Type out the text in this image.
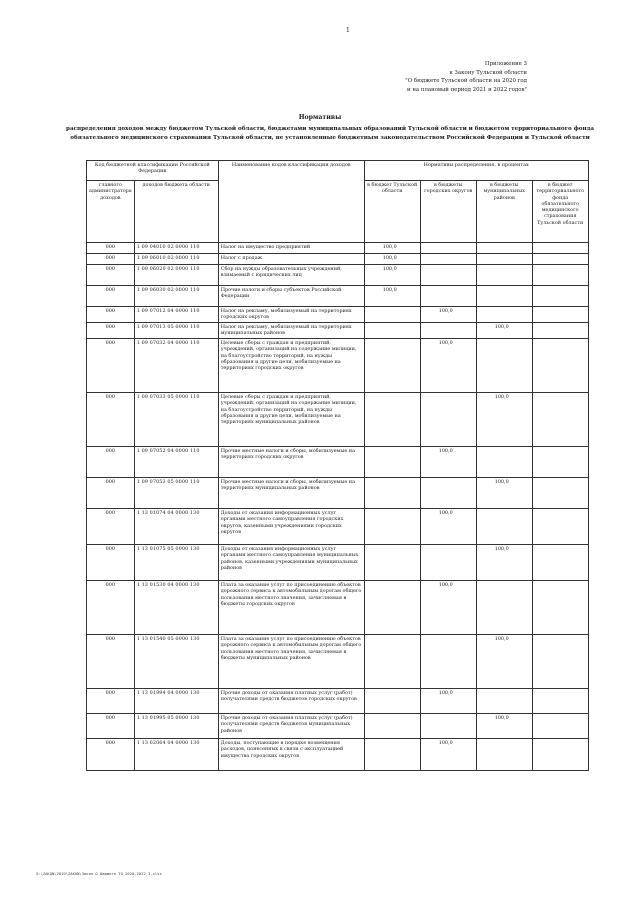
1
Приложение 3
к Закону Тульской области
"О бюджете Тульской области на 2020 год
и на плановый период 2021 и 2022 годов"
Нормативы
распределения доходов между бюджетом Тульской области, бюджетами муниципальных образований Тульской области и бюджетом территориального фонда обязательного медицинского страхования Тульской области, не установленные бюджетным законодательством Российской Федерации и Тульской области
Код бюджетной классификации Российской Федерации		Наименование кодов классификации доходов	Нормативы распределения, в процентах			
главного администратора доходов	доходов бюджета области		в бюджет Тульской области	в бюджеты городских округов	в бюджеты муниципальных районов	в бюджет территориального фонда обязательного медицинского страхования Тульской области
000	1 09 04010 02 0000 110	Налог на имущество предприятий	100,0			
000	1 09 06010 02 0000 110	Налог с продаж	100,0			
000	1 09 06020 02 0000 110	Сбор на нужды образовательных учреждений, взимаемый с юридических лиц	100,0			
000	1 09 06030 02 0000 110	Прочие налоги и сборы субъектов Российской Федерации	100,0			
000	1 09 07012 04 0000 110	Налог на рекламу, мобилизуемый на территориях городских округов		100,0		
000	1 09 07013 05 0000 110	Налог на рекламу, мобилизуемый на территориях муниципальных районов			100,0	
000	1 09 07032 04 0000 110	Целевые сборы с граждан и предприятий, учреждений, организаций на содержание милиции, на благоустройство территорий, на нужды образования и другие цели, мобилизуемые на территориях городских округов		100,0		
000	1 09 07033 05 0000 110	Целевые сборы с граждан и предприятий, учреждений, организаций на содержание милиции, на благоустройство территорий, на нужды образования и другие цели, мобилизуемые на территориях муниципальных районов			100,0	
000	1 09 07052 04 0000 110	Прочие местные налоги и сборы, мобилизуемые на территориях городских округов		100,0		
000	1 09 07053 05 0000 110	Прочие местные налоги и сборы, мобилизуемые на территориях муниципальных районов			100,0	
000	1 13 01074 04 0000 130	Доходы от оказания информационных услуг органами местного самоуправления городских округов, казенными учреждениями городских округов		100,0		
000	1 13 01075 05 0000 130	Доходы от оказания информационных услуг органами местного самоуправления муниципальных районов, казенными учреждениями муниципальных районов			100,0	
000	1 13 01530 04 0000 130	Плата за оказание услуг по присоединению объектов дорожного сервиса к автомобильным дорогам общего пользования местного значения, зачисляемая в бюджеты городских округов		100,0		
000	1 13 01540 05 0000 130	Плата за оказание услуг по присоединению объектов дорожного сервиса к автомобильным дорогам общего пользования местного значения, зачисляемая в бюджеты муниципальных районов			100,0	
000	1 13 01994 04 0000 130	Прочие доходы от оказания платных услуг (работ) получателями средств бюджетов городских округов		100,0		
000	1 13 01995 05 0000 130	Прочие доходы от оказания платных услуг (работ) получателями средств бюджетов муниципальных районов			100,0	
000	1 13 02064 04 0000 130	Доходы, поступающие в порядке возмещения расходов, понесенных в связи с эксплуатацией имущества городских округов		100,0		
G:\ZAKON\2019\ZAKON\Закон О бюджете ТО 2020-2022_3.xlsx
